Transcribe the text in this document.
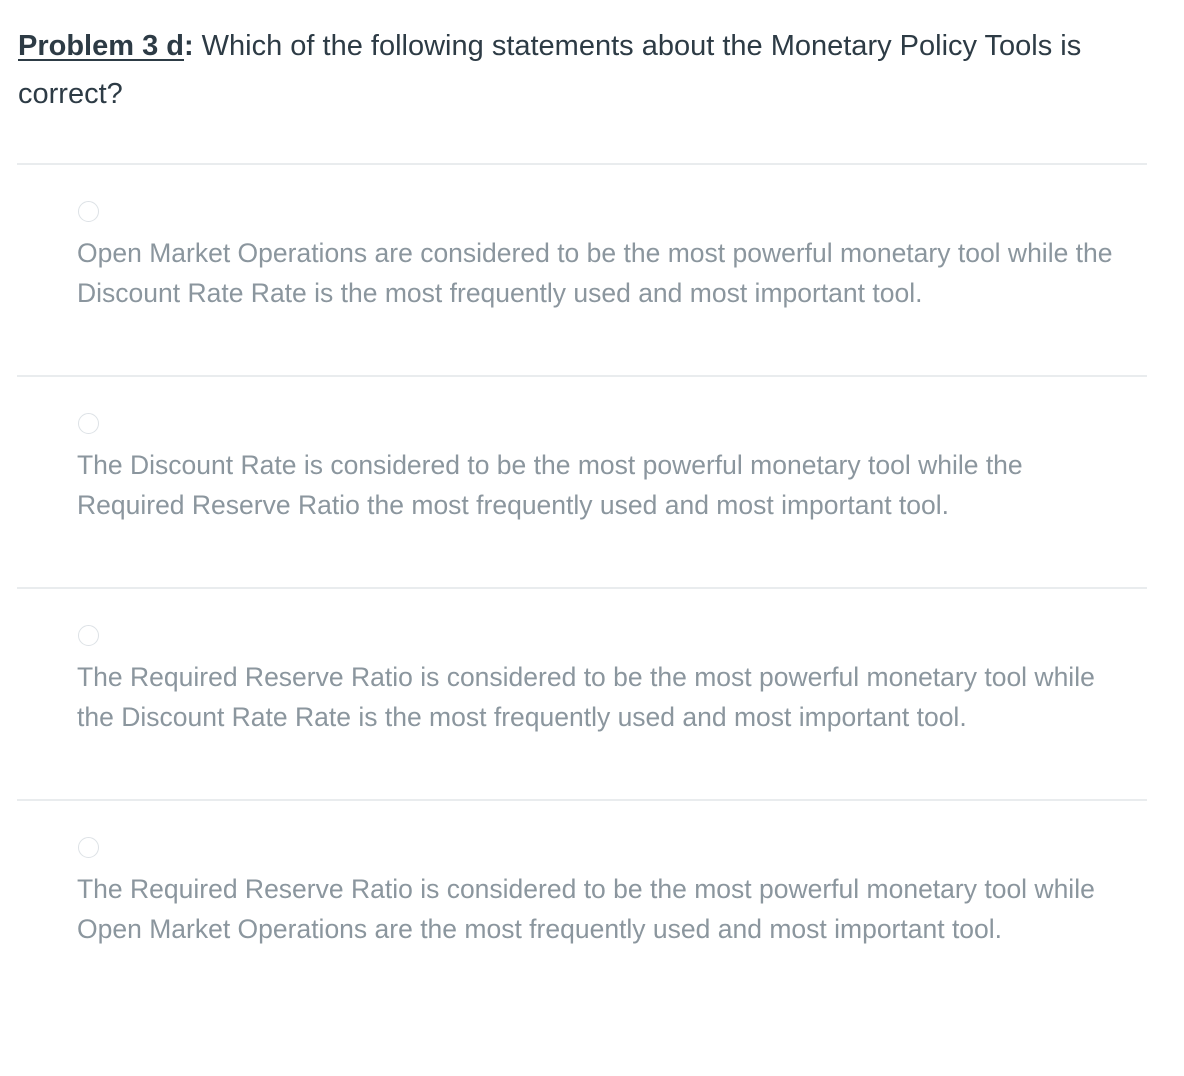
Problem 3 d: Which of the following statements about the Monetary Policy Tools is correct?
Open Market Operations are considered to be the most powerful monetary tool while the Discount Rate Rate is the most frequently used and most important tool.
The Discount Rate is considered to be the most powerful monetary tool while the Required Reserve Ratio the most frequently used and most important tool.
The Required Reserve Ratio is considered to be the most powerful monetary tool while the Discount Rate Rate is the most frequently used and most important tool.
The Required Reserve Ratio is considered to be the most powerful monetary tool while Open Market Operations are the most frequently used and most important tool.
